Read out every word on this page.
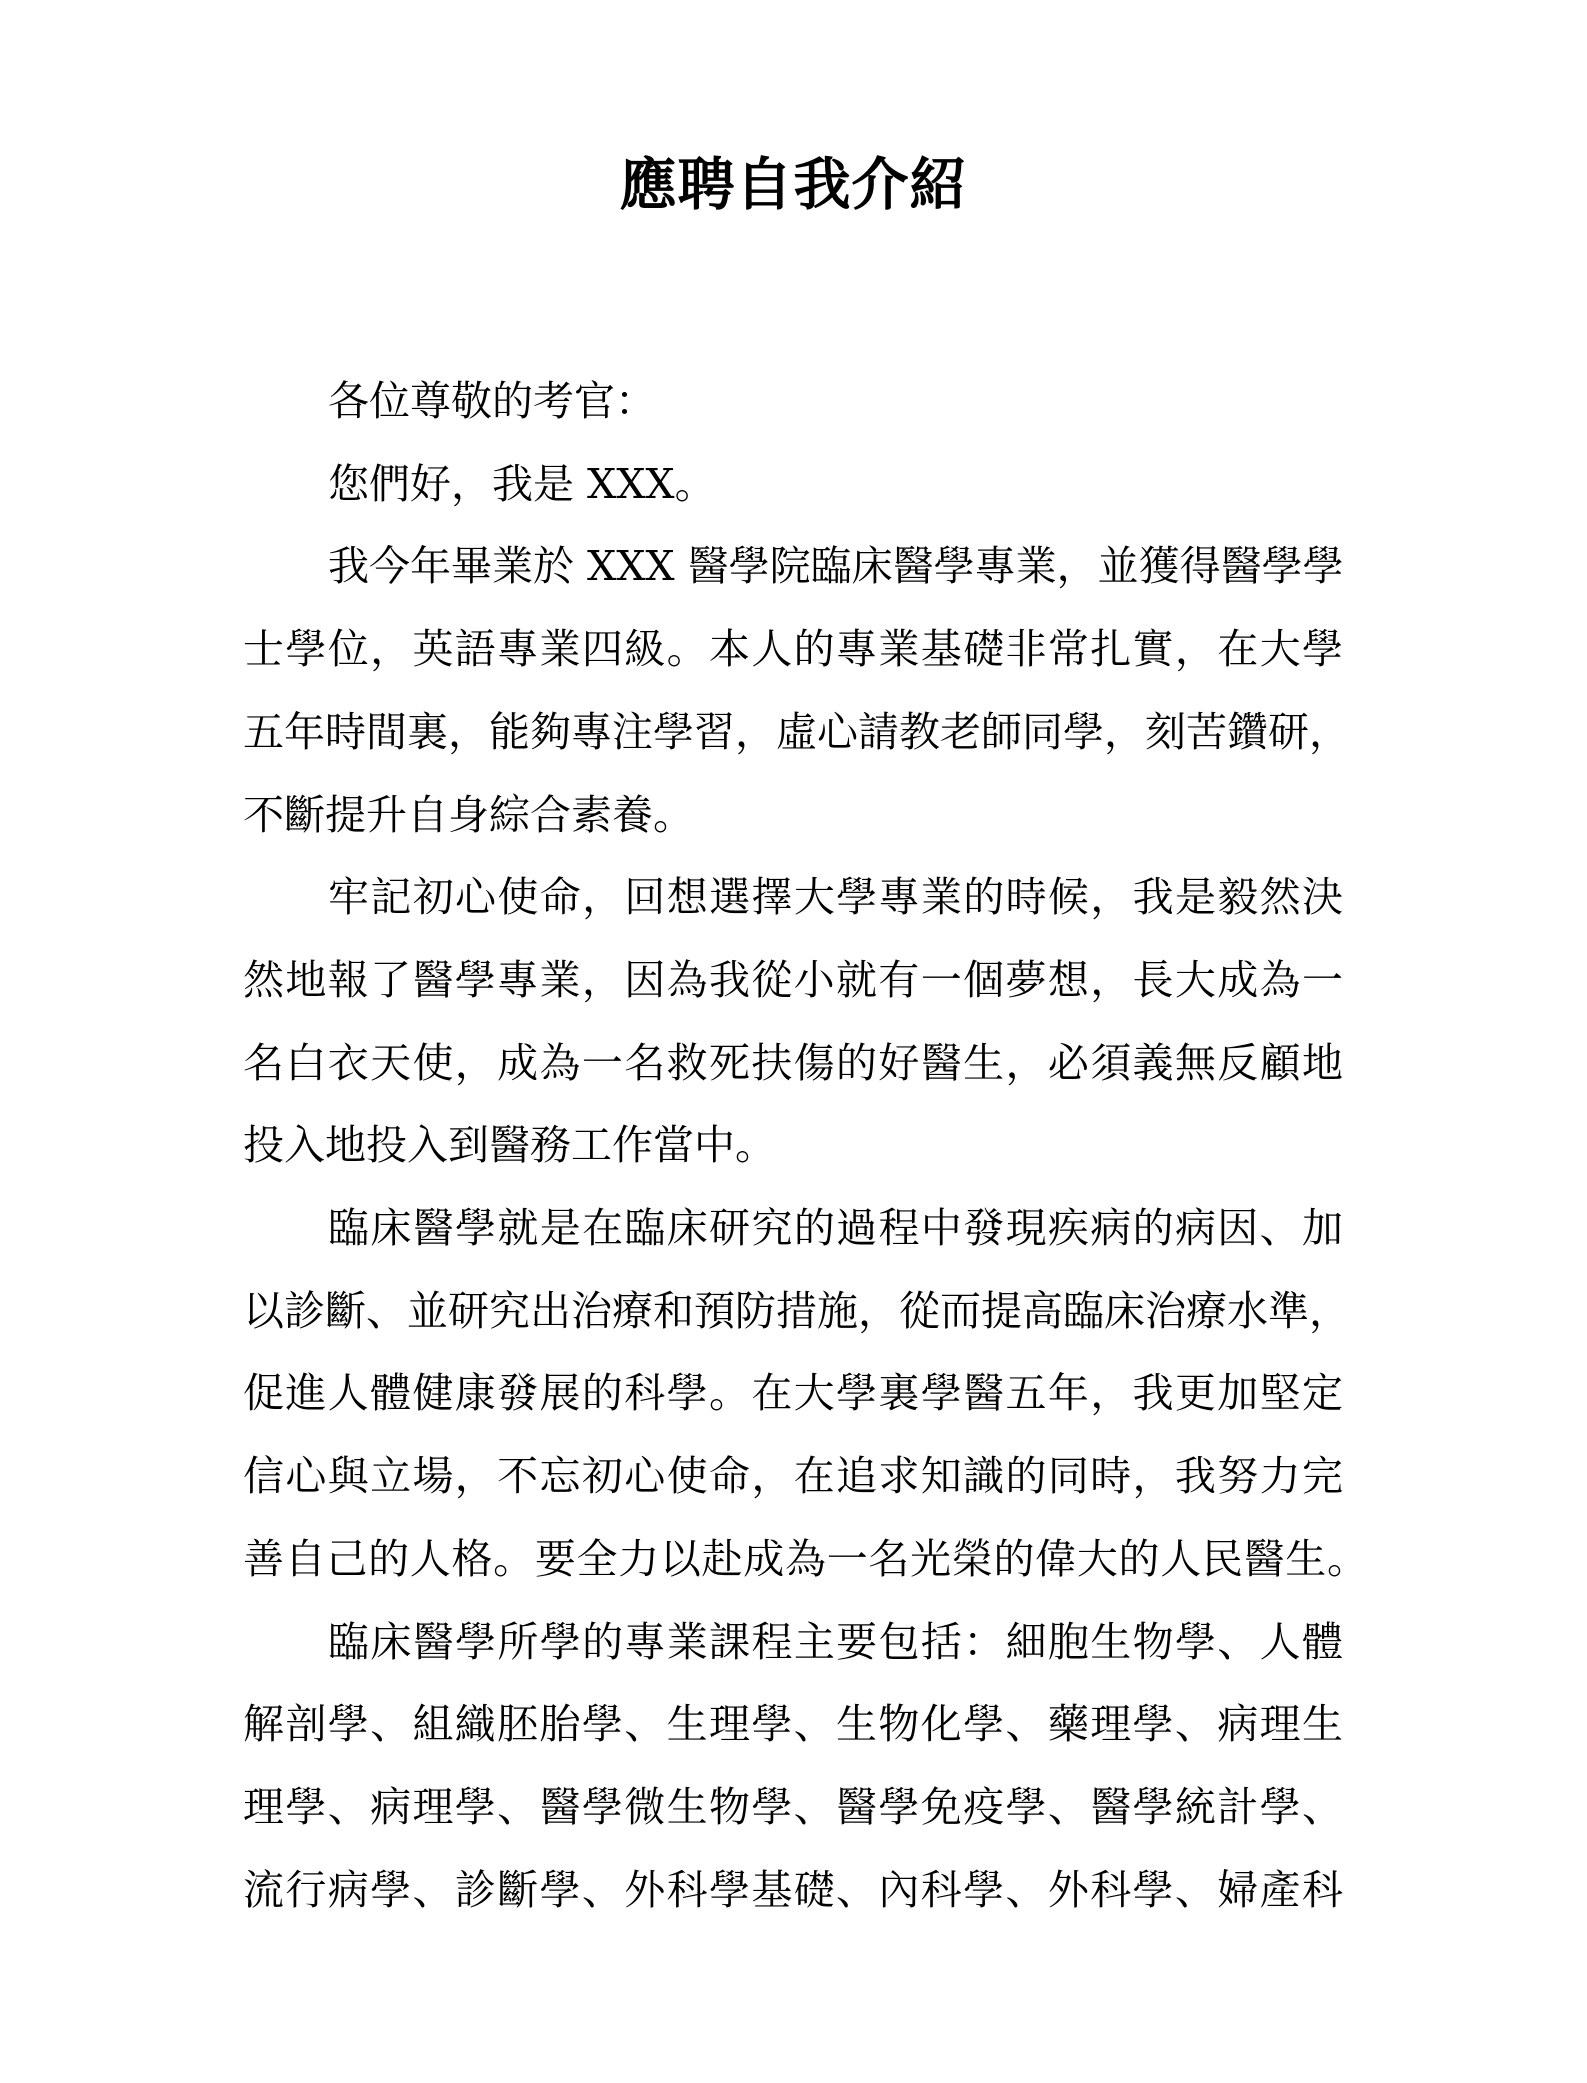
應聘自我介紹
各位尊敬的考官：
您們好，我是 XXX。
我今年畢業於 XXX 醫學院臨床醫學專業，並獲得醫學學
士學位，英語專業四級。本人的專業基礎非常扎實，在大學
五年時間裏，能夠專注學習，虛心請教老師同學，刻苦鑽研，
不斷提升自身綜合素養。
牢記初心使命，回想選擇大學專業的時候，我是毅然決
然地報了醫學專業，因為我從小就有一個夢想，長大成為一
名白衣天使，成為一名救死扶傷的好醫生，必須義無反顧地
投入地投入到醫務工作當中。
臨床醫學就是在臨床研究的過程中發現疾病的病因、加
以診斷、並研究出治療和預防措施，從而提高臨床治療水準，
促進人體健康發展的科學。在大學裏學醫五年，我更加堅定
信心與立場，不忘初心使命，在追求知識的同時，我努力完
善自己的人格。要全力以赴成為一名光榮的偉大的人民醫生。
臨床醫學所學的專業課程主要包括：細胞生物學、人體
解剖學、組織胚胎學、生理學、生物化學、藥理學、病理生
理學、病理學、醫學微生物學、醫學免疫學、醫學統計學、
流行病學、診斷學、外科學基礎、內科學、外科學、婦產科
